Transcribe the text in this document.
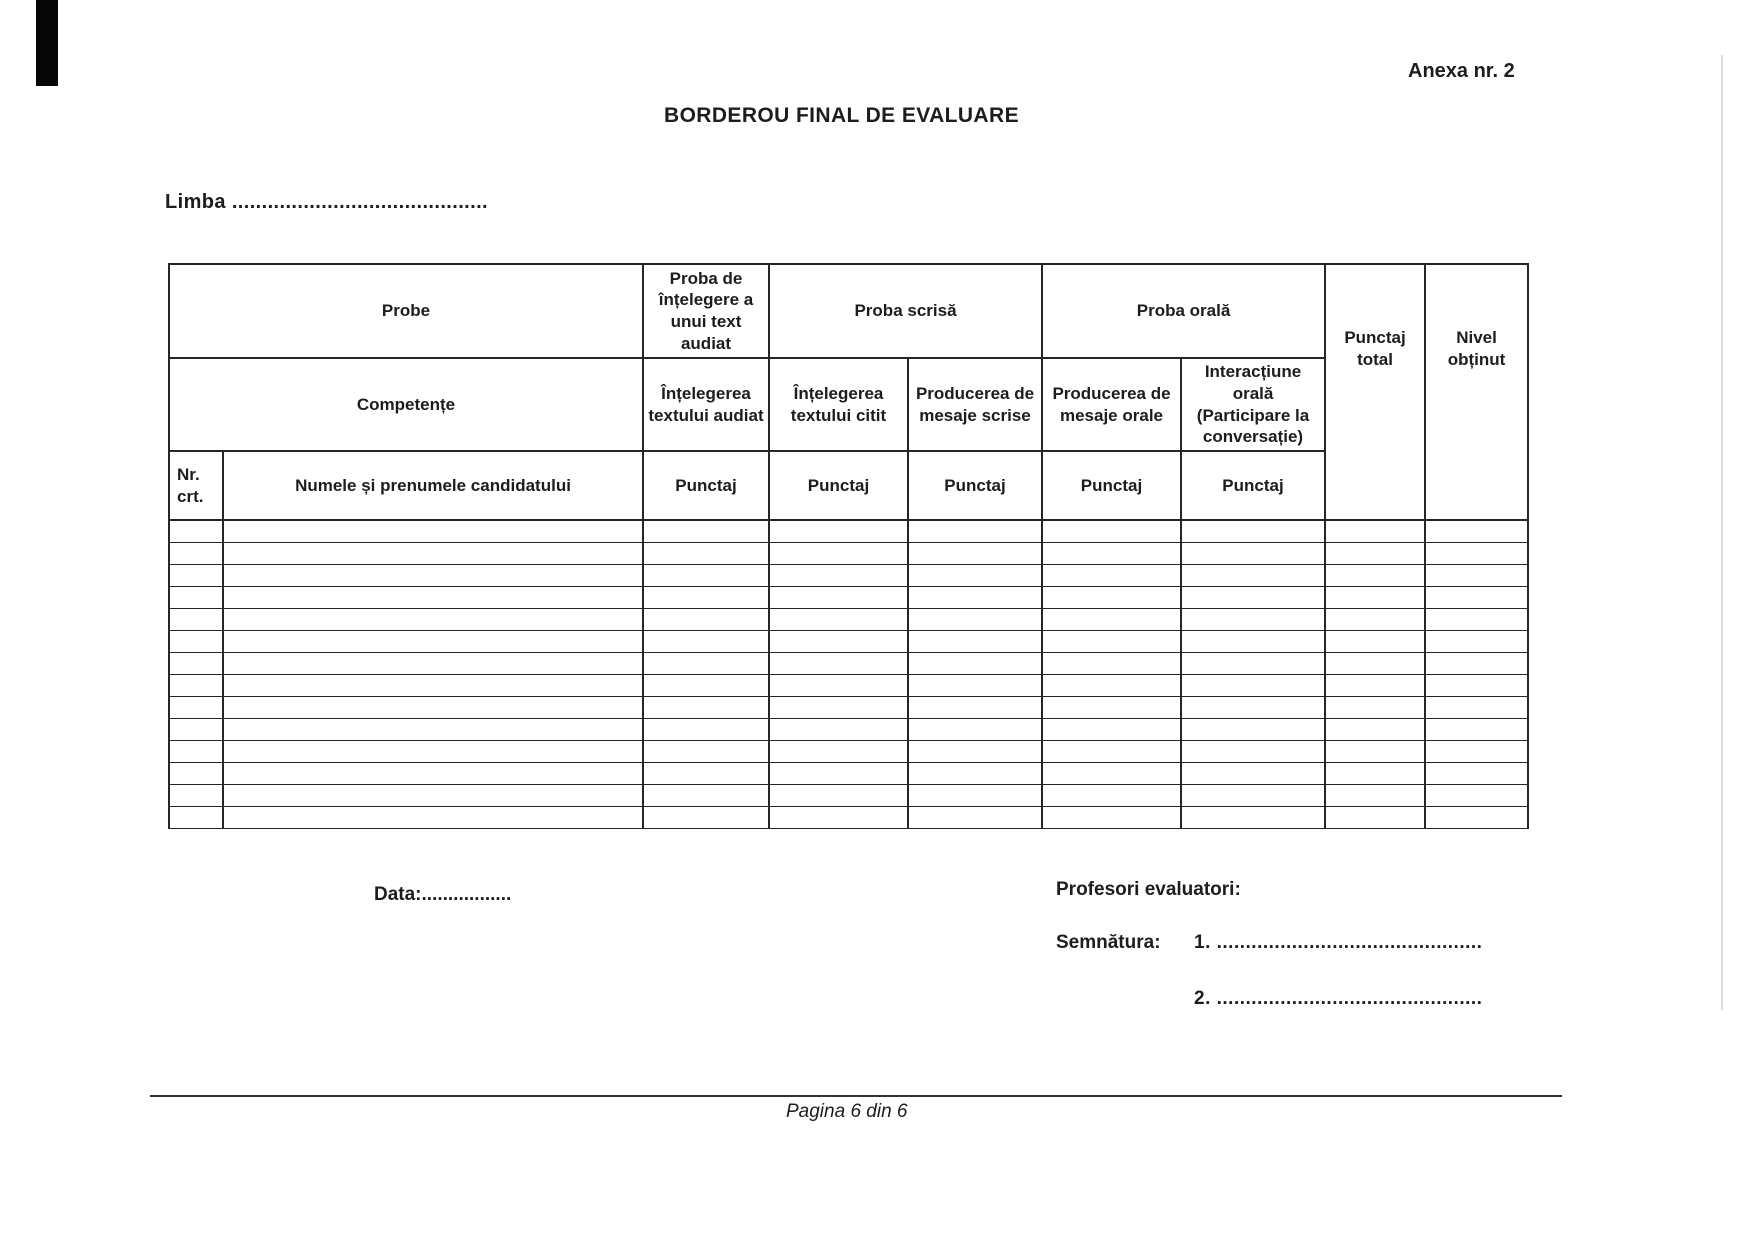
Anexa nr. 2
BORDEROU FINAL DE EVALUARE
Limba ...........................................
Probe		Proba de înțelegere a unui text audiat	Proba scrisă		Proba orală		Punctaj total	Nivel obținut
Competențe		Înțelegerea textului audiat	Înțelegerea textului citit	Producerea de mesaje scrise	Producerea de mesaje orale	Interacțiune orală (Participare la conversație)		
Nr. crt.	Numele și prenumele candidatului	Punctaj	Punctaj	Punctaj	Punctaj	Punctaj		

Data:.................	Profesori evaluatori:
Semnătura: 1. ..............................................
2. ..............................................
Pagina 6 din 6
